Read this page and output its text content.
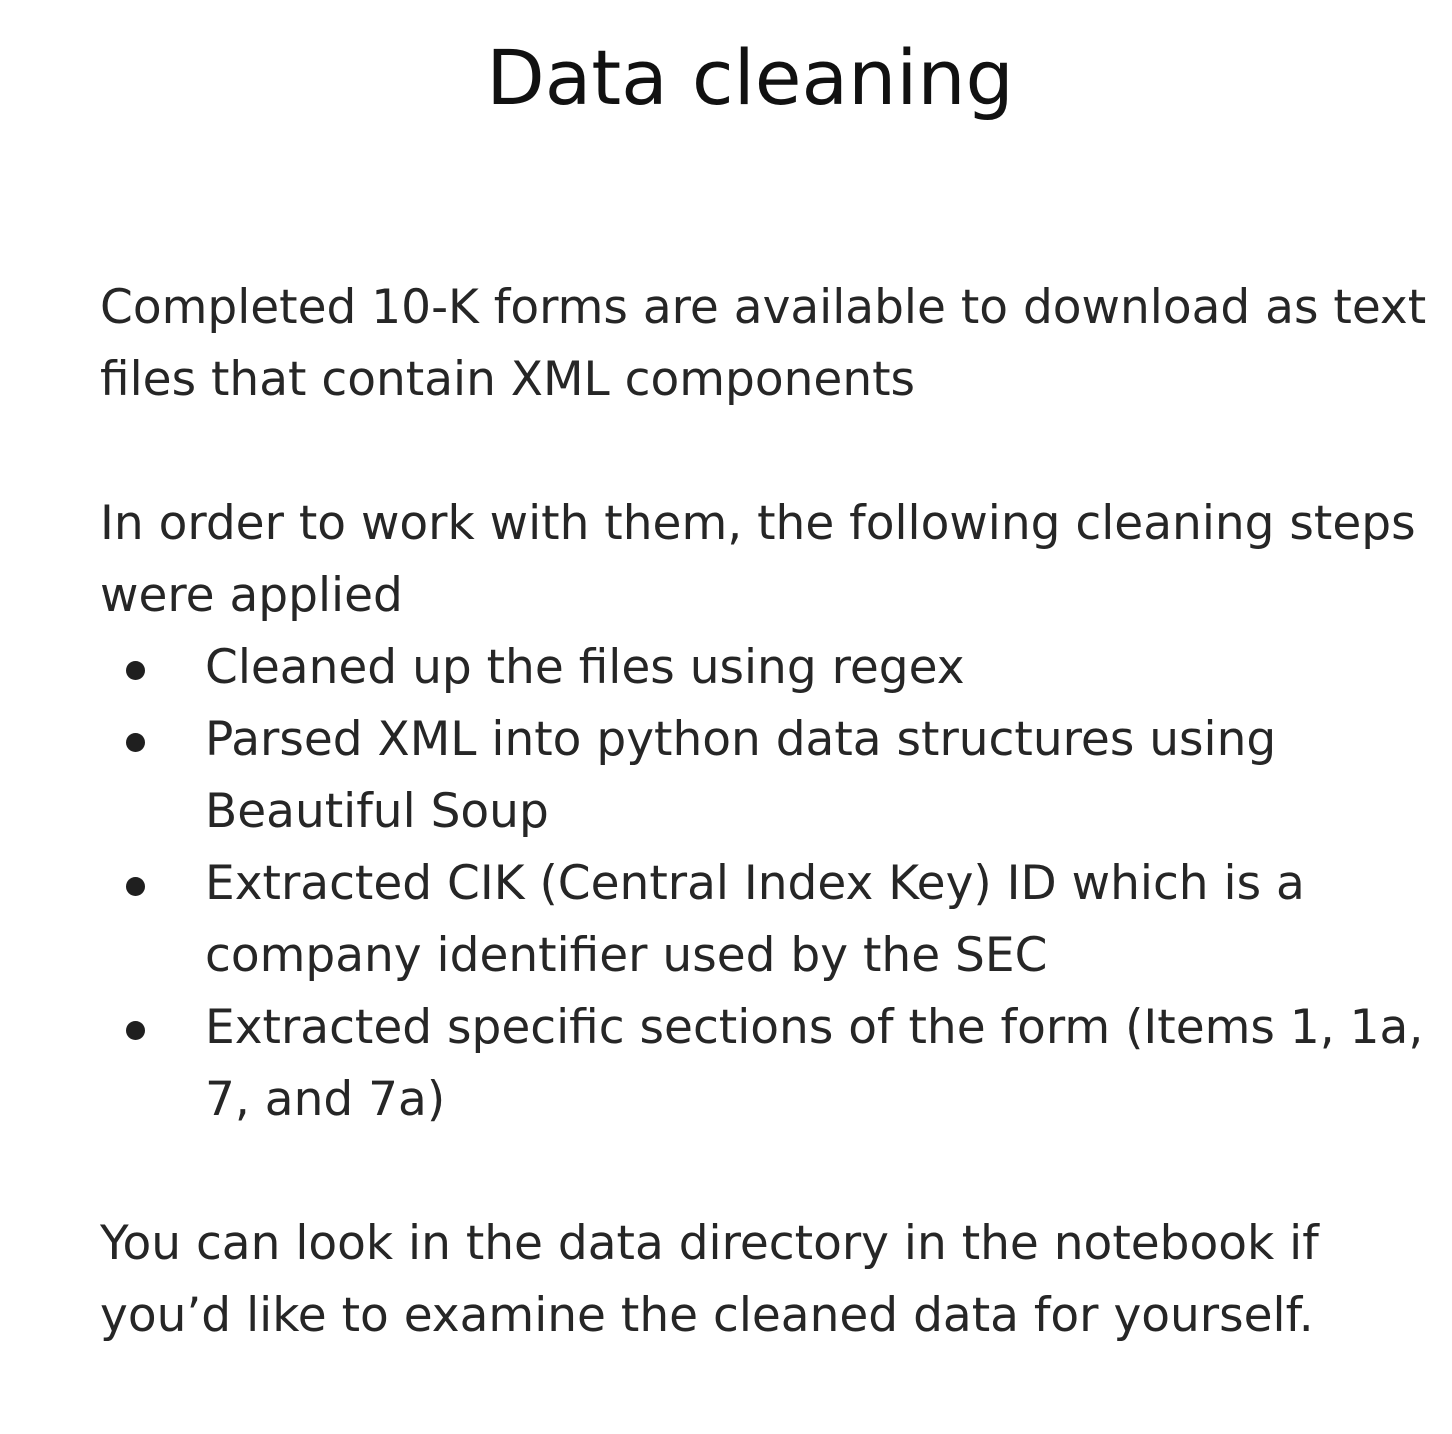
Data cleaning

Completed 10-K forms are available to download as text files that contain XML components

In order to work with them, the following cleaning steps were applied

Cleaned up the files using regex
Parsed XML into python data structures using Beautiful Soup
Extracted CIK (Central Index Key) ID which is a company identifier used by the SEC
Extracted specific sections of the form (Items 1, 1a, 7, and 7a)

You can look in the data directory in the notebook if you’d like to examine the cleaned data for yourself.
